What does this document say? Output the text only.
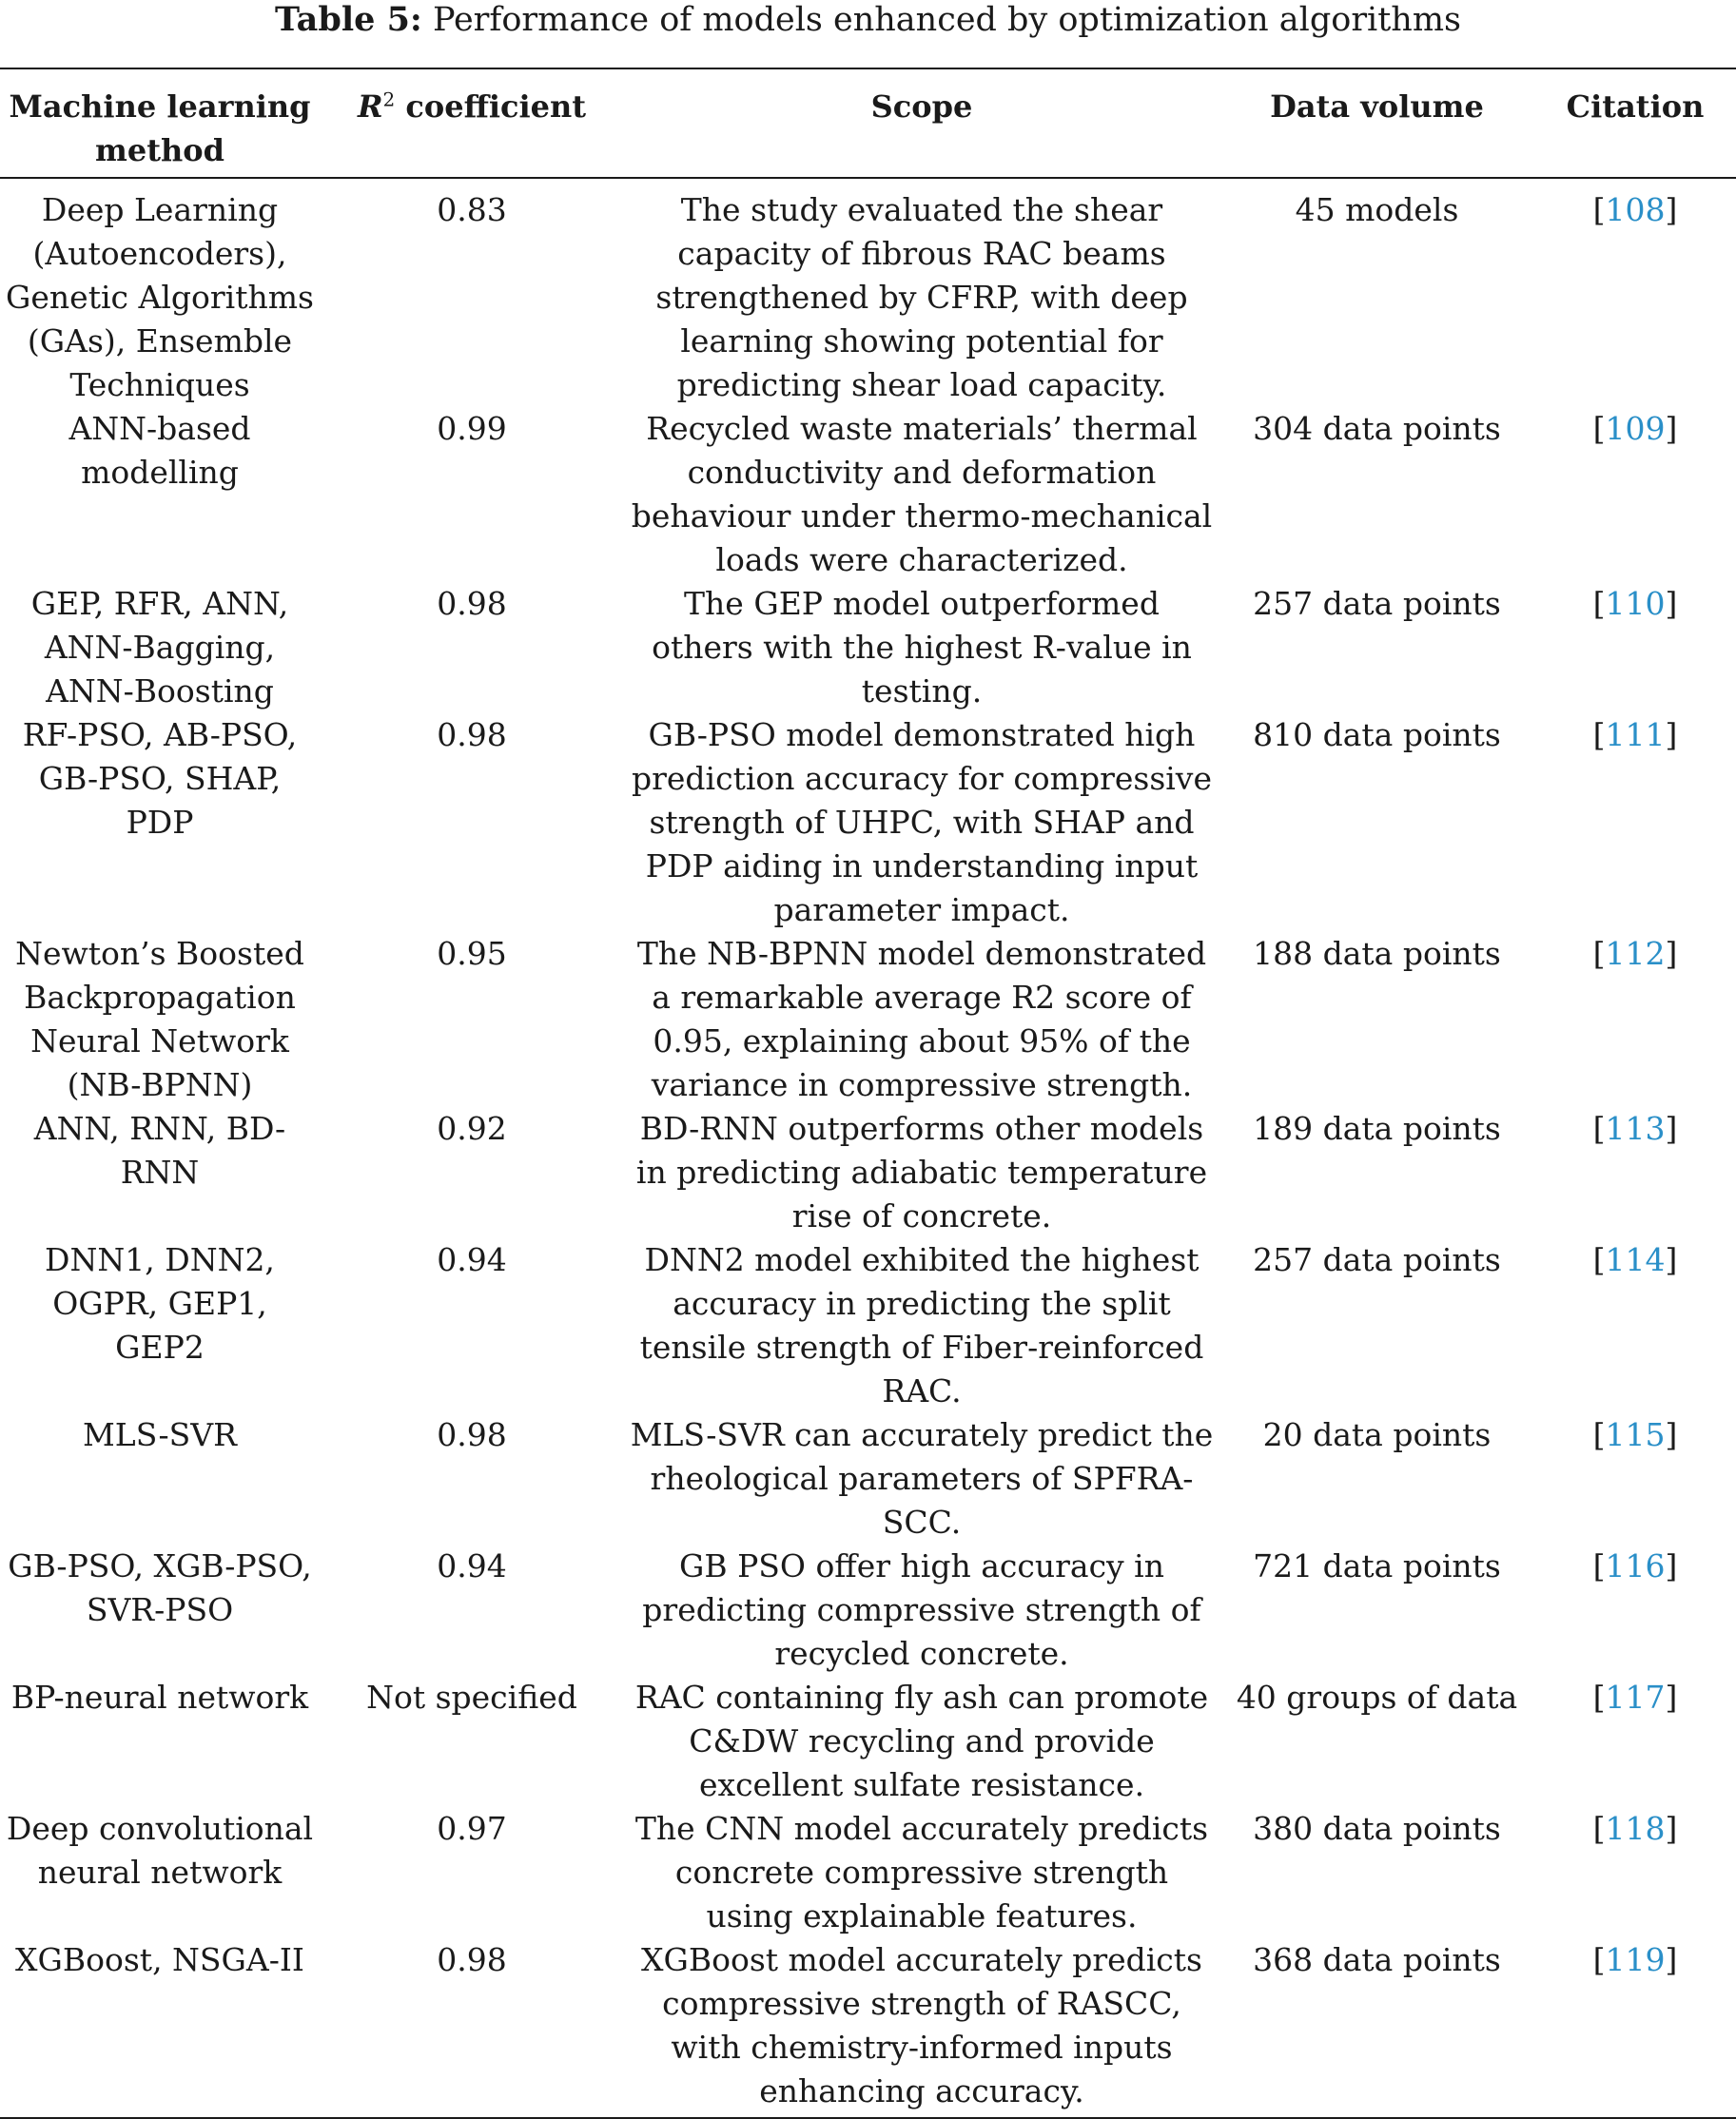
Table 5: Performance of models enhanced by optimization algorithms
Machine learning method	$R^2$ coefficient	Scope	Data volume	Citation
Deep Learning (Autoencoders), Genetic Algorithms (GAs), Ensemble Techniques	0.83	The study evaluated the shear capacity of fibrous RAC beams strengthened by CFRP, with deep learning showing potential for predicting shear load capacity.	45 models	[108]
ANN-based modelling	0.99	Recycled waste materials’ thermal conductivity and deformation behaviour under thermo-mechanical loads were characterized.	304 data points	[109]
GEP, RFR, ANN, ANN-Bagging, ANN-Boosting	0.98	The GEP model outperformed others with the highest R-value in testing.	257 data points	[110]
RF-PSO, AB-PSO, GB-PSO, SHAP, PDP	0.98	GB-PSO model demonstrated high prediction accuracy for compressive strength of UHPC, with SHAP and PDP aiding in understanding input parameter impact.	810 data points	[111]
Newton’s Boosted Backpropagation Neural Network (NB-BPNN)	0.95	The NB-BPNN model demonstrated a remarkable average R2 score of 0.95, explaining about 95% of the variance in compressive strength.	188 data points	[112]
ANN, RNN, BD-RNN	0.92	BD-RNN outperforms other models in predicting adiabatic temperature rise of concrete.	189 data points	[113]
DNN1, DNN2, OGPR, GEP1, GEP2	0.94	DNN2 model exhibited the highest accuracy in predicting the split tensile strength of Fiber-reinforced RAC.	257 data points	[114]
MLS-SVR	0.98	MLS-SVR can accurately predict the rheological parameters of SPFRA-SCC.	20 data points	[115]
GB-PSO, XGB-PSO, SVR-PSO	0.94	GB PSO offer high accuracy in predicting compressive strength of recycled concrete.	721 data points	[116]
BP-neural network	Not specified	RAC containing fly ash can promote C&DW recycling and provide excellent sulfate resistance.	40 groups of data	[117]
Deep convolutional neural network	0.97	The CNN model accurately predicts concrete compressive strength using explainable features.	380 data points	[118]
XGBoost, NSGA-II	0.98	XGBoost model accurately predicts compressive strength of RASCC, with chemistry-informed inputs enhancing accuracy.	368 data points	[119]
